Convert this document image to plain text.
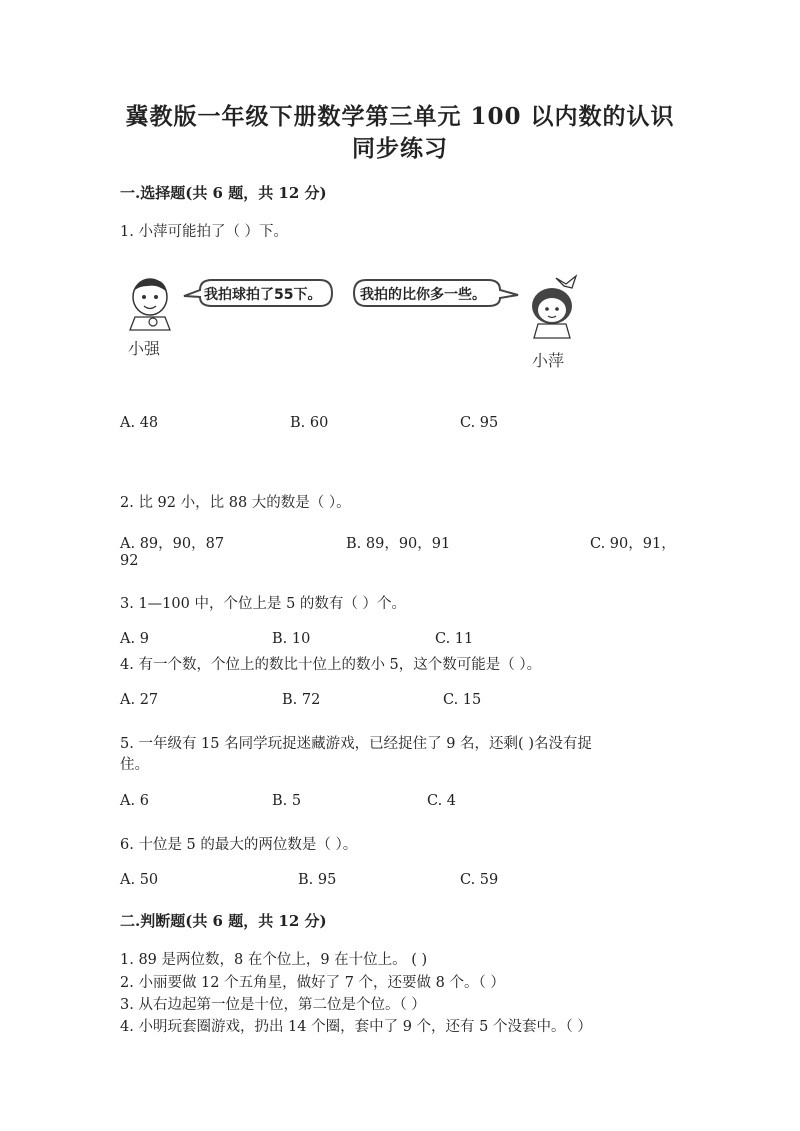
冀教版一年级下册数学第三单元 100 以内数的认识
同步练习
一.选择题(共 6 题，共 12 分)
1. 小萍可能拍了（ ）下。
小强
我拍球拍了55下。	我拍的比你多一些。
小萍
A. 48	B. 60	C. 95
2. 比 92 小，比 88 大的数是（ ）。
A. 89，90，87	B. 89，90，91	C. 90，91，
92
3. 1—100 中，个位上是 5 的数有（ ）个。
A. 9	B. 10	C. 11
4. 有一个数，个位上的数比十位上的数小 5，这个数可能是（ ）。
A. 27	B. 72	C. 15
5. 一年级有 15 名同学玩捉迷藏游戏，已经捉住了 9 名，还剩( )名没有捉
住。
A. 6	B. 5	C. 4
6. 十位是 5 的最大的两位数是（ ）。
A. 50	B. 95	C. 59
二.判断题(共 6 题，共 12 分)
1. 89 是两位数，8 在个位上，9 在十位上。 ( )
2. 小丽要做 12 个五角星，做好了 7 个，还要做 8 个。（ ）
3. 从右边起第一位是十位，第二位是个位。（ ）
4. 小明玩套圈游戏，扔出 14 个圈，套中了 9 个，还有 5 个没套中。（ ）
